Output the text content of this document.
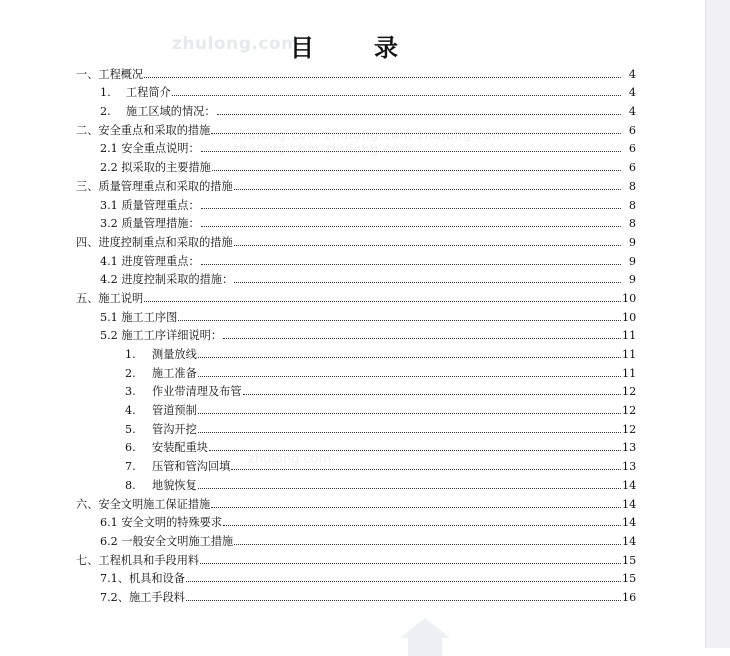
zhulong.com
zhulong.com zhulong.com zhulong.com zhulong.com zhulong.com
zhulong.com
目　录
一、工程概况	4
1.	工程简介	4
2.	施工区域的情况：	4
二、安全重点和采取的措施	6
2.1 安全重点说明：	6
2.2 拟采取的主要措施	6
三、质量管理重点和采取的措施	8
3.1 质量管理重点：	8
3.2 质量管理措施：	8
四、进度控制重点和采取的措施	9
4.1 进度管理重点：	9
4.2 进度控制采取的措施：	9
五、施工说明	10
5.1 施工工序图	10
5.2 施工工序详细说明：	11
1.	测量放线	11
2.	施工准备	11
3.	作业带清理及布管	12
4.	管道预制	12
5.	管沟开挖	12
6.	安装配重块	13
7.	压管和管沟回填	13
8.	地貌恢复	14
六、安全文明施工保证措施	14
6.1 安全文明的特殊要求	14
6.2 一般安全文明施工措施	14
七、工程机具和手段用料	15
7.1、机具和设备	15
7.2、施工手段料	16
